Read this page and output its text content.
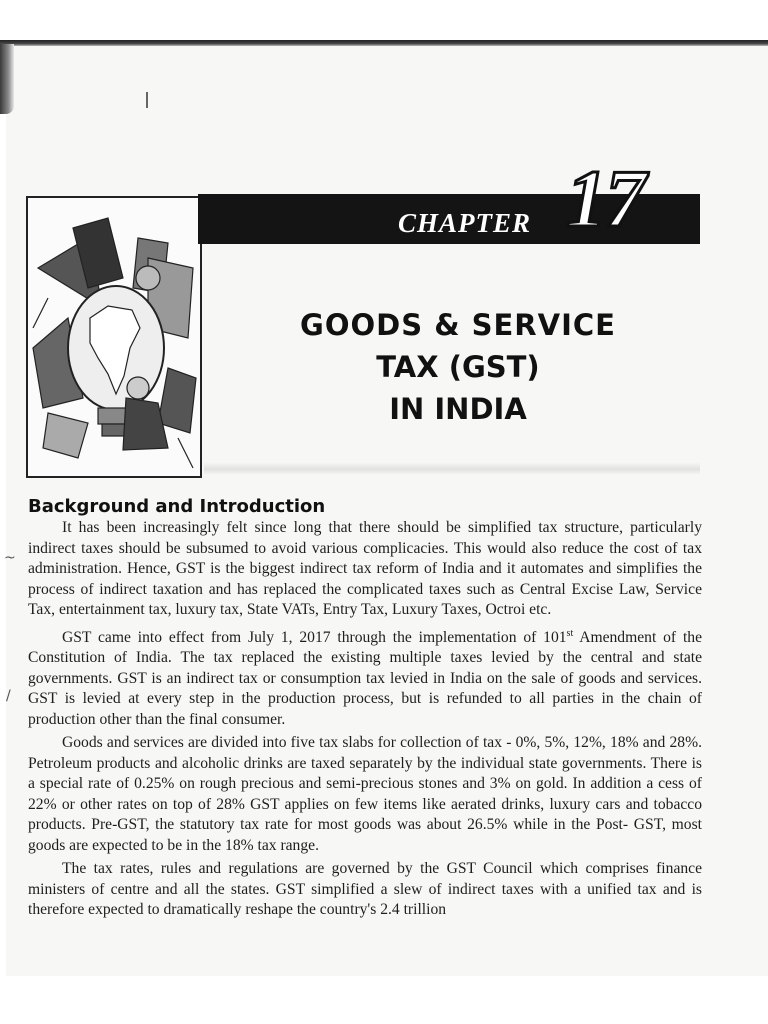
CHAPTER 17
GOODS & SERVICE
TAX (GST)
IN INDIA
Background and Introduction

It has been increasingly felt since long that there should be simplified tax structure, particularly indirect taxes should be subsumed to avoid various complicacies. This would also reduce the cost of tax administration. Hence, GST is the biggest indirect tax reform of India and it automates and simplifies the process of indirect taxation and has replaced the complicated taxes such as Central Excise Law, Service Tax, entertainment tax, luxury tax, State VATs, Entry Tax, Luxury Taxes, Octroi etc.

GST came into effect from July 1, 2017 through the implementation of 101st Amendment of the Constitution of India. The tax replaced the existing multiple taxes levied by the central and state governments. GST is an indirect tax or consumption tax levied in India on the sale of goods and services. GST is levied at every step in the production process, but is refunded to all parties in the chain of production other than the final consumer.

Goods and services are divided into five tax slabs for collection of tax - 0%, 5%, 12%, 18% and 28%. Petroleum products and alcoholic drinks are taxed separately by the individual state governments. There is a special rate of 0.25% on rough precious and semi-precious stones and 3% on gold. In addition a cess of 22% or other rates on top of 28% GST applies on few items like aerated drinks, luxury cars and tobacco products. Pre-GST, the statutory tax rate for most goods was about 26.5% while in the Post- GST, most goods are expected to be in the 18% tax range.

The tax rates, rules and regulations are governed by the GST Council which comprises finance ministers of centre and all the states. GST simplified a slew of indirect taxes with a unified tax and is therefore expected to dramatically reshape the country's 2.4 trillion

~
/
